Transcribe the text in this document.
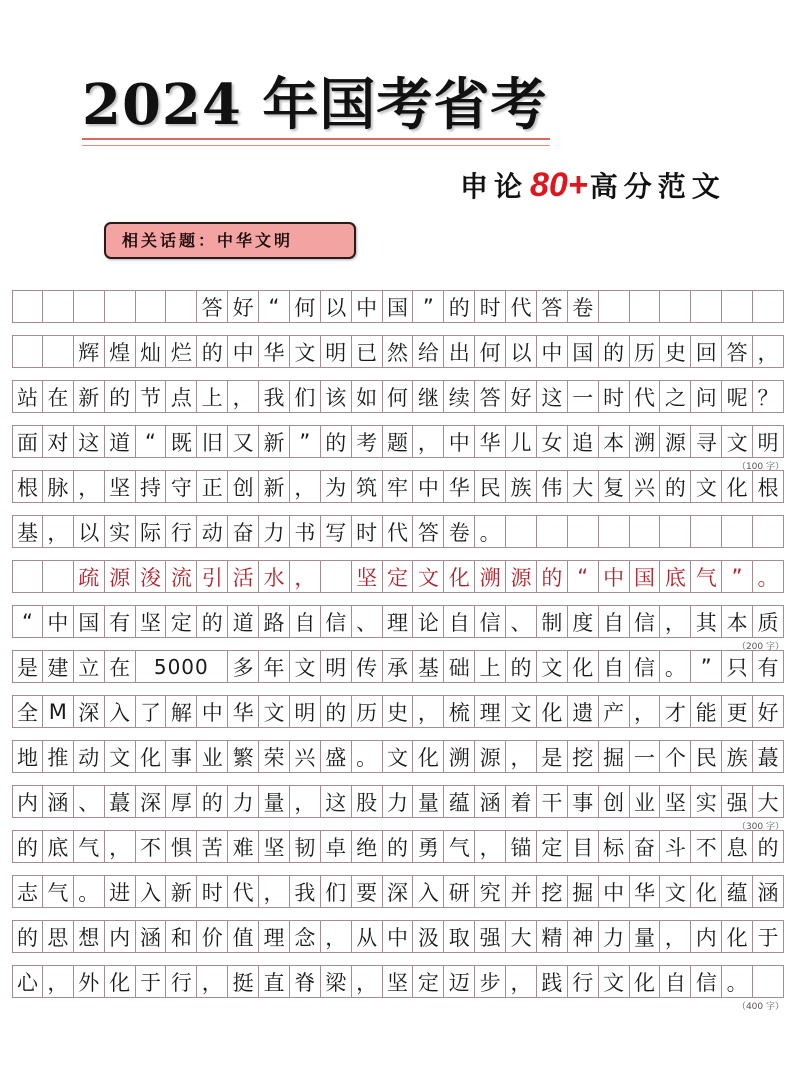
2024 年国考省考
申论80+高分范文
相关话题：中华文明
答 好 “ 何 以 中 国 ” 的 时 代 答 卷
辉 煌 灿 烂 的 中 华 文 明 已 然 给 出 何 以 中 国 的 历 史 回 答 ，
站 在 新 的 节 点 上 ， 我 们 该 如 何 继 续 答 好 这 一 时 代 之 问 呢 ？
面 对 这 道 “ 既 旧 又 新 ” 的 考 题 ， 中 华 儿 女 追 本 溯 源 寻 文 明
根 脉 ， 坚 持 守 正 创 新 ， 为 筑 牢 中 华 民 族 伟 大 复 兴 的 文 化 根
基 ， 以 实 际 行 动 奋 力 书 写 时 代 答 卷 。
疏 源 浚 流 引 活 水 ， 坚 定 文 化 溯 源 的 “ 中 国 底 气 ” 。
“ 中 国 有 坚 定 的 道 路 自 信 、 理 论 自 信 、 制 度 自 信 ， 其 本 质
是 建 立 在	5000	多 年 文 明 传 承 基 础 上 的 文 化 自 信 。 ” 只 有
全 M 深 入 了 解 中 华 文 明 的 历 史 ， 梳 理 文 化 遗 产 ， 才 能 更 好
地 推 动 文 化 事 业 繁 荣 兴 盛 。 文 化 溯 源 ， 是 挖 掘 一 个 民 族 蕞
内 涵 、 蕞 深 厚 的 力 量 ， 这 股 力 量 蕴 涵 着 干 事 创 业 坚 实 强 大
的 底 气 ， 不 惧 苦 难 坚 韧 卓 绝 的 勇 气 ， 锚 定 目 标 奋 斗 不 息 的
志 气 。 进 入 新 时 代 ， 我 们 要 深 入 研 究 并 挖 掘 中 华 文 化 蕴 涵
的 思 想 内 涵 和 价 值 理 念 ， 从 中 汲 取 强 大 精 神 力 量 ， 内 化 于
心 ， 外 化 于 行 ， 挺 直 脊 梁 ， 坚 定 迈 步 ， 践 行 文 化 自 信 。
（100 字）
（200 字）
（300 字）
（400 字）
